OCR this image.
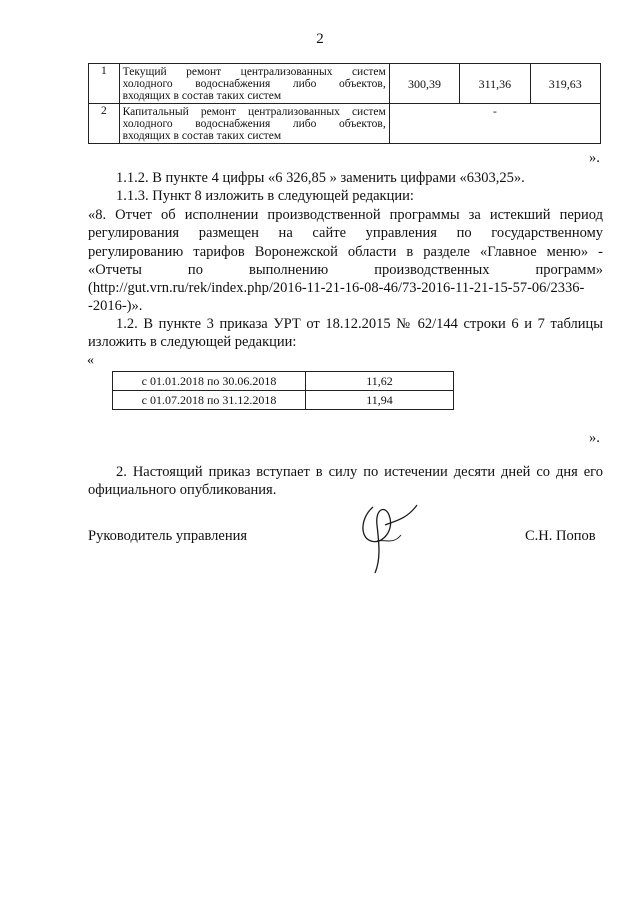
2
1	Текущий ремонт централизованных систем
холодного водоснабжения либо объектов,
входящих в состав таких систем	300,39	311,36	319,63
2	Капитальный ремонт централизованных систем
холодного водоснабжения либо объектов,
входящих в состав таких систем	-		
».
1.1.2. В пункте 4 цифры «6 326,85 » заменить цифрами «6303,25».
1.1.3. Пункт 8 изложить в следующей редакции:
«8. Отчет об исполнении производственной программы за истекший период
регулирования размещен на сайте управления по государственному
регулированию тарифов Воронежской области в разделе «Главное меню» -
«Отчеты по выполнению производственных программ»
(http://gut.vrn.ru/rek/index.php/2016-11-21-16-08-46/73-2016-11-21-15-57-06/2336-
-2016-)».
1.2. В пункте 3 приказа УРТ от 18.12.2015 № 62/144 строки 6 и 7 таблицы
изложить в следующей редакции:
«
с 01.01.2018 по 30.06.2018	11,62
с 01.07.2018 по 31.12.2018	11,94
».
2. Настоящий приказ вступает в силу по истечении десяти дней со дня его
официального опубликования.
Руководитель управления	С.Н. Попов
